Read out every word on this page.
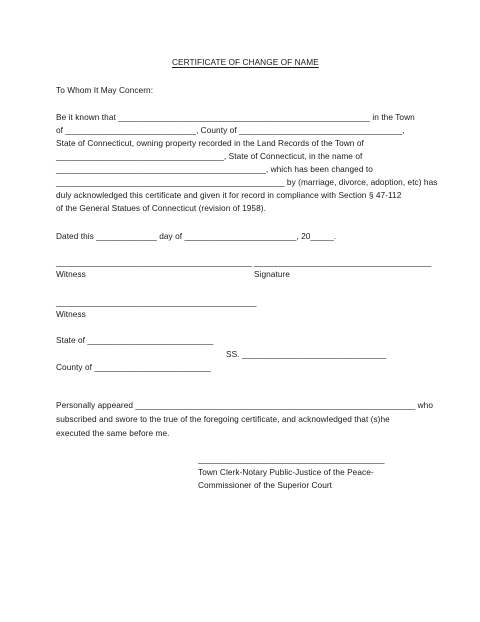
CERTIFICATE OF CHANGE OF NAME
To Whom It May Concern:
Be it known that ______________________________________________________ in the Town
of ____________________________, County of ___________________________________,
State of Connecticut, owning property recorded in the Land Records of the Town of
____________________________________, State of Connecticut, in the name of
_____________________________________________, which has been changed to
_________________________________________________ by (marriage, divorce, adoption, etc) has
duly acknowledged this certificate and given it for record in compliance with Section § 47-112
of the General Statues of Connecticut (revision of 1958).
Dated this _____________ day of ________________________, 20_____.
__________________________________________ ______________________________________
Witness	Signature
___________________________________________
Witness
State of ___________________________
SS. _______________________________
County of _________________________
Personally appeared ____________________________________________________________ who
subscribed and swore to the true of the foregoing certificate, and acknowledged that (s)he
executed the same before me.
________________________________________
Town Clerk-Notary Public-Justice of the Peace-
Commissioner of the Superior Court
